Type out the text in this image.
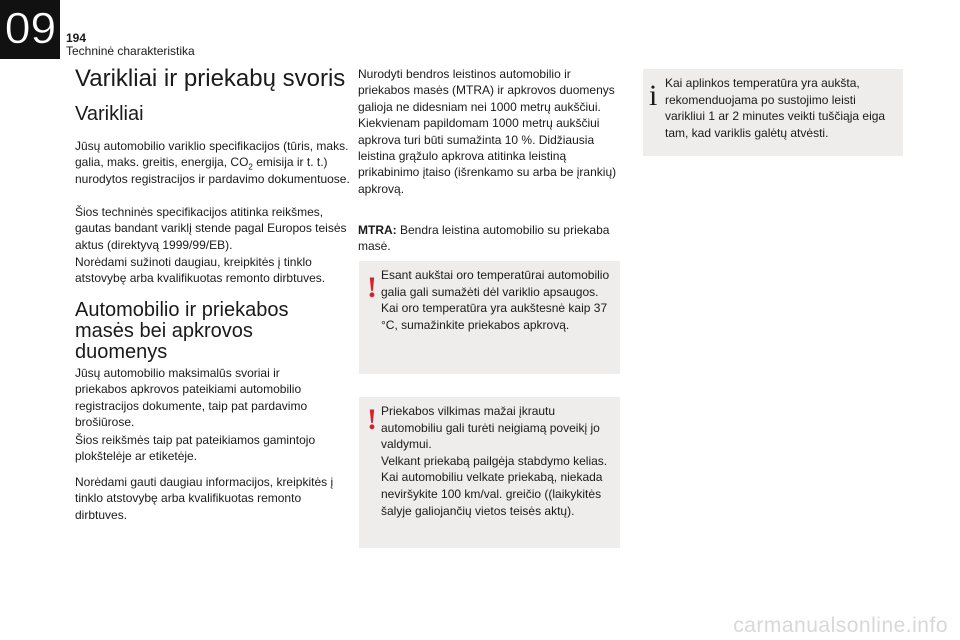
09 194
Techninė charakteristika
Varikliai ir priekabų svoris
Varikliai

Jūsų automobilio variklio specifikacijos (tūris, maks. galia, maks. greitis, energija, $CO_2$ emisija ir t. t.) nurodytos registracijos ir pardavimo dokumentuose.

Šios techninės specifikacijos atitinka reikšmes, gautas bandant variklį stende pagal Europos teisės aktus (direktyvą 1999/99/EB).

Norėdami sužinoti daugiau, kreipkitės į tinklo atstovybę arba kvalifikuotas remonto dirbtuves.

Automobilio ir priekabos masės bei apkrovos duomenys

Jūsų automobilio maksimalūs svoriai ir priekabos apkrovos pateikiami automobilio registracijos dokumente, taip pat pardavimo brošiūrose.

Šios reikšmės taip pat pateikiamos gamintojo plokštelėje ar etiketėje.

Norėdami gauti daugiau informacijos, kreipkitės į tinklo atstovybę arba kvalifikuotas remonto dirbtuves.

Nurodyti bendros leistinos automobilio ir priekabos masės (MTRA) ir apkrovos duomenys galioja ne didesniam nei 1000 metrų aukščiui. Kiekvienam papildomam 1000 metrų aukščiui apkrova turi būti sumažinta 10 %. Didžiausia leistina grąžulo apkrova atitinka leistiną prikabinimo įtaiso (išrenkamo su arba be įrankių) apkrovą.

MTRA: Bendra leistina automobilio su priekaba masė.

! Esant aukštai oro temperatūrai automobilio galia gali sumažėti dėl variklio apsaugos. Kai oro temperatūra yra aukštesnė kaip 37 °C, sumažinkite priekabos apkrovą.
! Priekabos vilkimas mažai įkrautu automobiliu gali turėti neigiamą poveikį jo valdymui.
Velkant priekabą pailgėja stabdymo kelias. Kai automobiliu velkate priekabą, niekada neviršykite 100 km/val. greičio ((laikykitės šalyje galiojančių vietos teisės aktų).
i Kai aplinkos temperatūra yra aukšta, rekomenduojama po sustojimo leisti varikliui 1 ar 2 minutes veikti tuščiąja eiga tam, kad variklis galėtų atvėsti.
carmanualsonline.info
